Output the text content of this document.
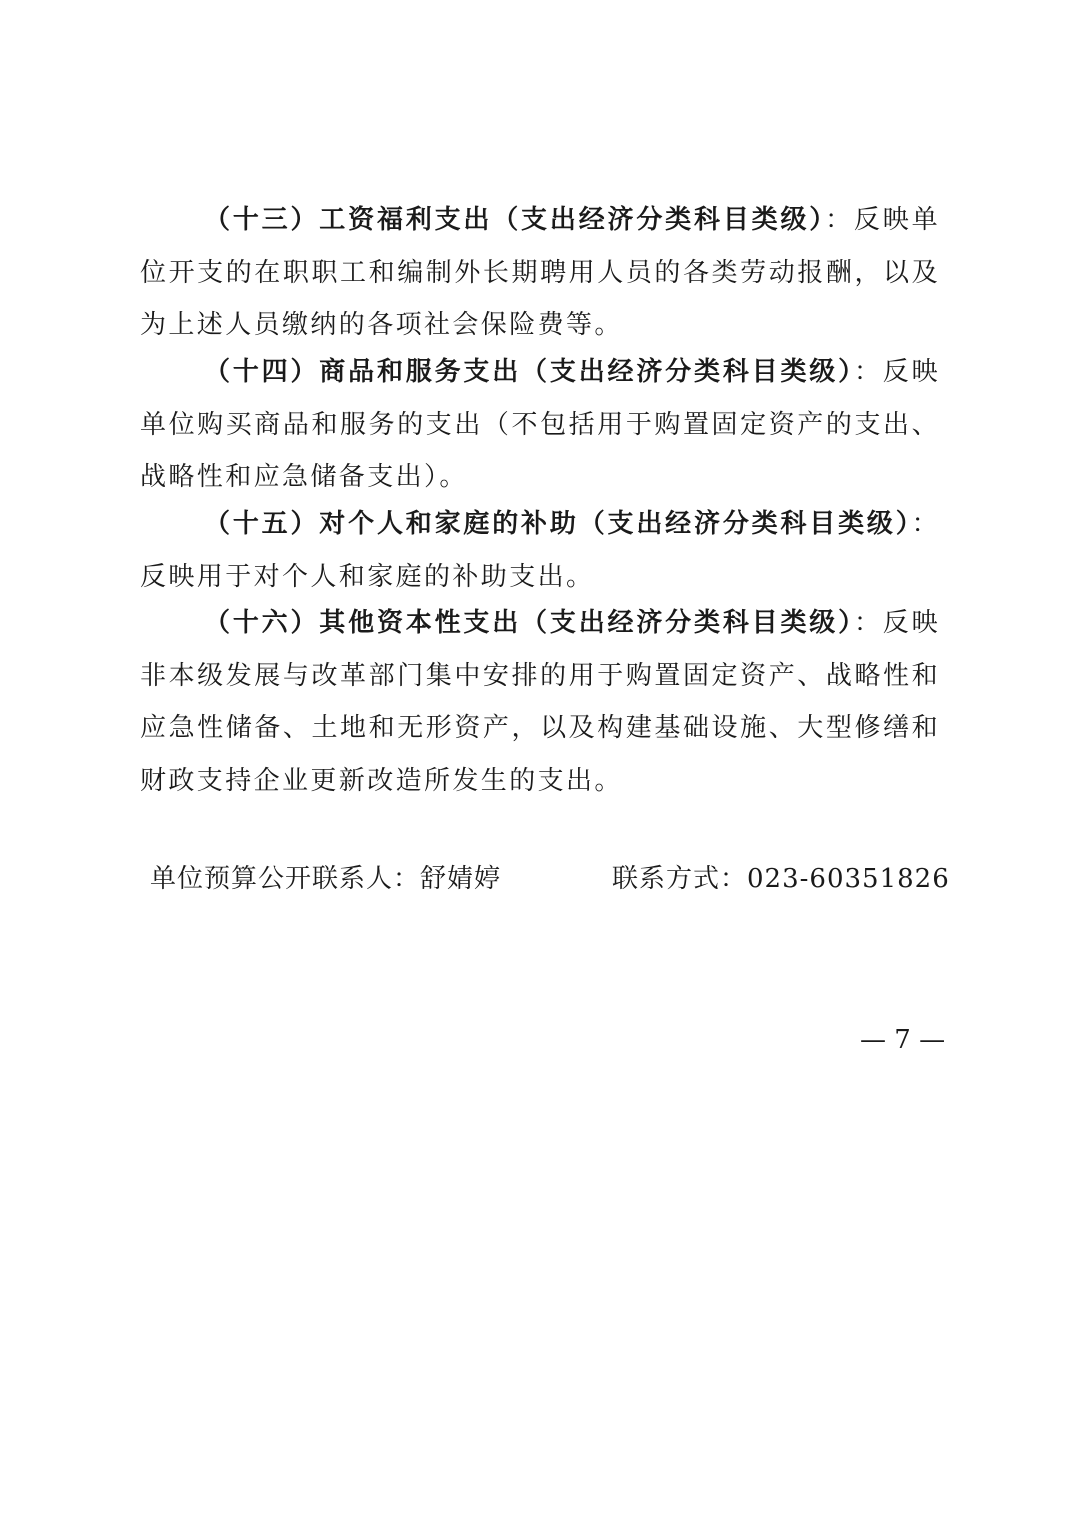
（十三）工资福利支出（支出经济分类科目类级）：反映单位开支的在职职工和编制外长期聘用人员的各类劳动报酬，以及为上述人员缴纳的各项社会保险费等。

（十四）商品和服务支出（支出经济分类科目类级）：反映单位购买商品和服务的支出（不包括用于购置固定资产的支出、战略性和应急储备支出）。

（十五）对个人和家庭的补助（支出经济分类科目类级）：反映用于对个人和家庭的补助支出。

（十六）其他资本性支出（支出经济分类科目类级）：反映非本级发展与改革部门集中安排的用于购置固定资产、战略性和应急性储备、土地和无形资产，以及构建基础设施、大型修缮和财政支持企业更新改造所发生的支出。

单位预算公开联系人：舒婧婷	联系方式：023-60351826
— 7 —
